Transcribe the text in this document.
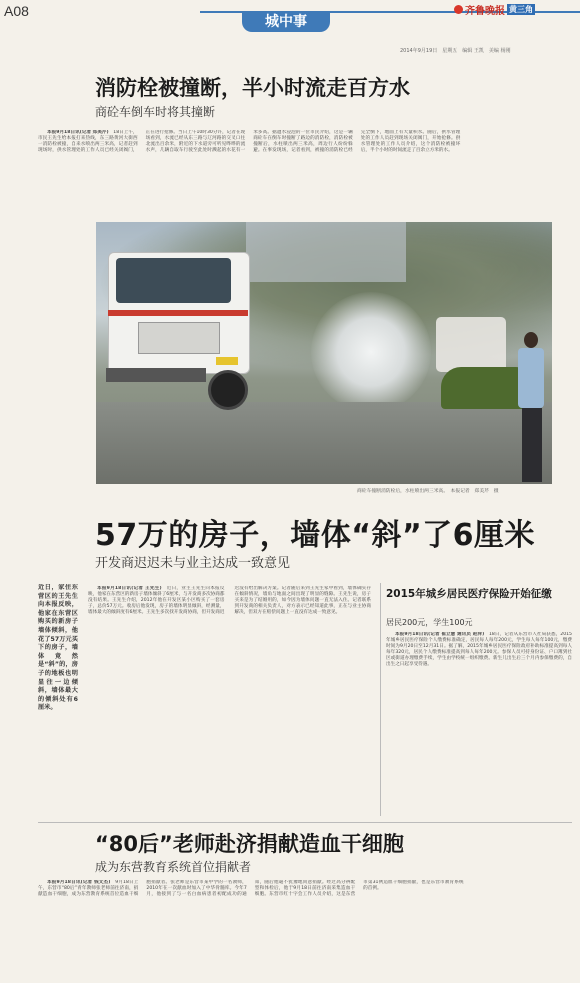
A08
城中事
齐鲁晚报 黄三角
2014年9月19日　星期五　编辑 王凯　美编 杨刚
消防栓被撞断，半小时流走百方水
商砼车倒车时将其撞断

本报9月18日讯(记者 郑美芹)　 18日上午，市民王先生给本报打来热线，东三路黄河大街西一消防栓被撞，自来水喷出两三米高，记者赶到现场时，供水管理处的工作人员已经关闭阀门，正在进行抢修。当日上午10时30分许，记者在现场看到，水流已经从东三路与辽河路的交叉口往北流出百余米，附近的下水道旁可听见哗哗的流水声，几辆自取车行驶至此处时溅起的水花有一米多高。据遭水浸泡的一位市民介绍，这是一辆商砼车在倒车时撞断了路边的消防栓，消防栓被撞断后，水柱喷出两三米高，周边行人纷纷躲避。在事发现场，记者看到，被撞的消防栓已经完全倒下，地面上有大量积水。随后，供水管理处的工作人员赶到现场关闭阀门，开始抢修。供水管理处的工作人员介绍，这个消防栓被撞坏后，半个小时的时间流走了百余立方米的水。

商砼车撞断消防栓后，水柱喷出两三米高。　本报记者　郑美芹　摄
57万的房子，墙体“斜”了6厘米
开发商迟迟未与业主达成一致意见

近日，家住东营区的王先生向本报反映，他家在东营区购买的新房子墙体倾斜，他花了57万元买下的房子，墙体竟然是“斜”的，房子的地板也明显往一边倾斜，墙体最大的倾斜处有6厘米。

本报9月18日讯(记者 王先生)　 近日，业主王先生向本报反映，他家在东营区的新房子墙体倾斜了6厘米，与开发商多次协商都没有结果。王先生介绍，2012年他在开发区某小区购买了一套房子，总价57万元。收房后他发现，房子的墙体明显倾斜，经测量，墙体最大的倾斜度有6厘米。王先生多次找开发商协商，但开发商迟迟没有给出解决方案。记者随后来到王先生家中看到，墙体确实存在倾斜情况，墙角与地面之间出现了明显的缝隙。王先生说，房子买来是为了结婚用的，如今因为墙体问题一直无法入住。记者联系到开发商的相关负责人，对方表示已经知道此事，正在与业主协商解决，但双方在赔偿问题上一直没有达成一致意见。

2015年城乡居民医疗保险开始征缴
居民200元，学生100元

本报9月18日讯(记者 崔立慧 通讯员 赵萍)　 18日，记者从东营市人社局获悉，2015年城乡居民医疗保险个人缴费标准确定，居民每人每年200元，学生每人每年100元，缴费时间为9月20日至12月31日。据了解，2015年城乡居民医疗保险政府补助标准提高到每人每年320元，居民个人缴费标准提高到每人每年200元。参保人员可持身份证、户口簿到社区或街道办理缴费手续，学生由学校统一组织缴费。新生儿出生后三个月内参保缴费的，自出生之日起享受待遇。

“80后”老师赴济捐献造血干细胞
成为东营教育系统首位捐献者

本报9月18日讯(记者 钱文杰)　 9月18日上午，东营市“80后”青年教师张老师前往济南，捐献造血干细胞，成为东营教育系统首位造血干细胞捐献者。张老师是东营市某中学的一名教师，2010年在一次献血时加入了中华骨髓库。今年7月，他接到了与一名白血病患者初配成功的通知，随后他毫不犹豫地同意捐献。经过高分辨配型和体检后，他于9月18日前往济南采集造血干细胞。东营市红十字会工作人员介绍，这是东营市第31例造血干细胞捐献，也是东营市教育系统的首例。
